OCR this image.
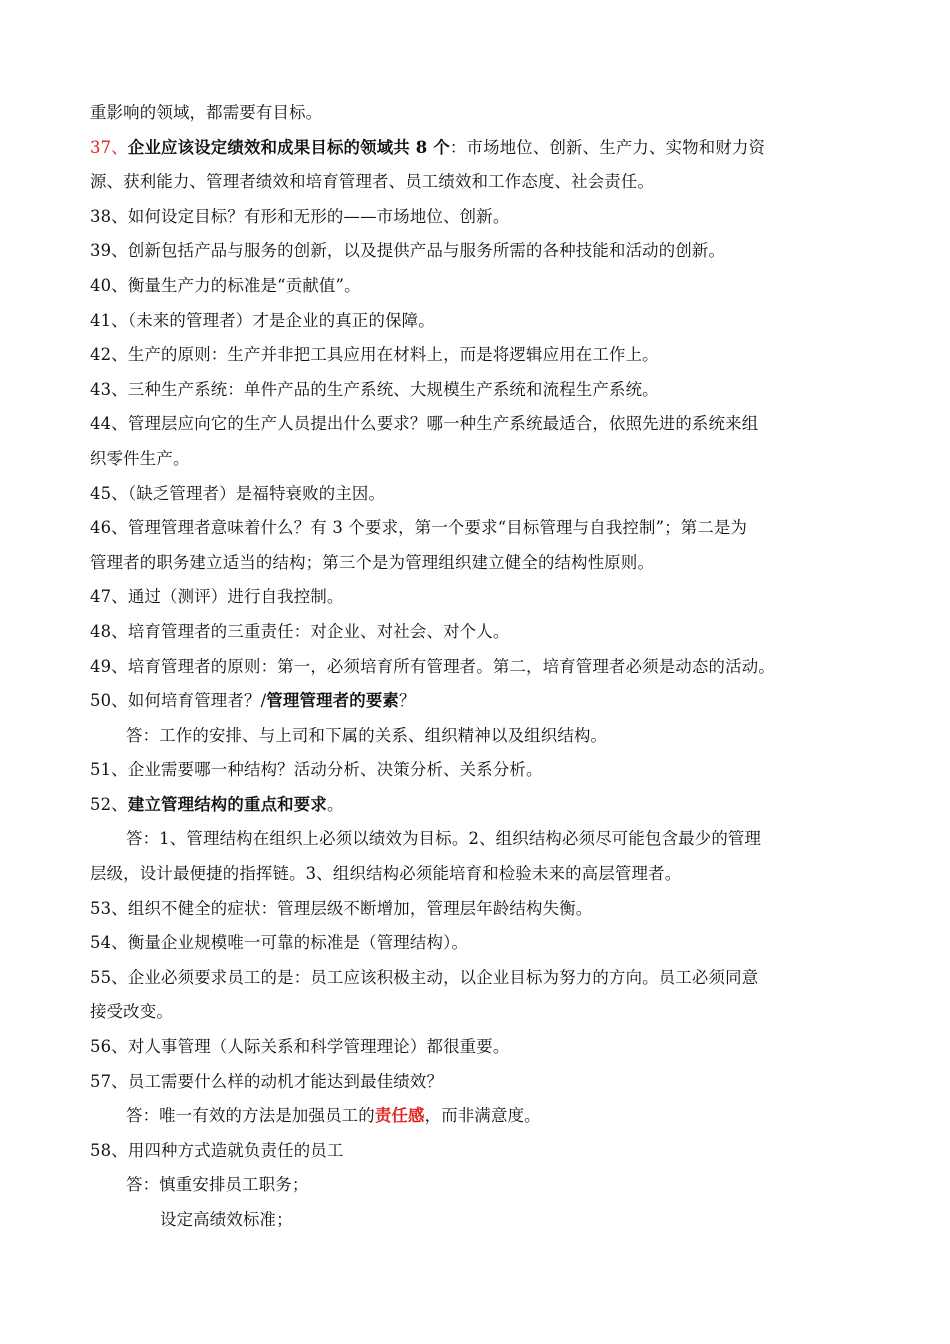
重影响的领域，都需要有目标。
37、企业应该设定绩效和成果目标的领域共 8 个：市场地位、创新、生产力、实物和财力资
源、获利能力、管理者绩效和培育管理者、员工绩效和工作态度、社会责任。
38、如何设定目标？有形和无形的——市场地位、创新。
39、创新包括产品与服务的创新，以及提供产品与服务所需的各种技能和活动的创新。
40、衡量生产力的标准是“贡献值”。
41、（未来的管理者）才是企业的真正的保障。
42、生产的原则：生产并非把工具应用在材料上，而是将逻辑应用在工作上。
43、三种生产系统：单件产品的生产系统、大规模生产系统和流程生产系统。
44、管理层应向它的生产人员提出什么要求？哪一种生产系统最适合，依照先进的系统来组
织零件生产。
45、（缺乏管理者）是福特衰败的主因。
46、管理管理者意味着什么？有 3 个要求，第一个要求“目标管理与自我控制”；第二是为
管理者的职务建立适当的结构；第三个是为管理组织建立健全的结构性原则。
47、通过（测评）进行自我控制。
48、培育管理者的三重责任：对企业、对社会、对个人。
49、培育管理者的原则：第一，必须培育所有管理者。第二，培育管理者必须是动态的活动。
50、如何培育管理者？/管理管理者的要素？
答：工作的安排、与上司和下属的关系、组织精神以及组织结构。
51、企业需要哪一种结构？活动分析、决策分析、关系分析。
52、建立管理结构的重点和要求。
答：1、管理结构在组织上必须以绩效为目标。2、组织结构必须尽可能包含最少的管理
层级，设计最便捷的指挥链。3、组织结构必须能培育和检验未来的高层管理者。
53、组织不健全的症状：管理层级不断增加，管理层年龄结构失衡。
54、衡量企业规模唯一可靠的标准是（管理结构）。
55、企业必须要求员工的是：员工应该积极主动，以企业目标为努力的方向。员工必须同意
接受改变。
56、对人事管理（人际关系和科学管理理论）都很重要。
57、员工需要什么样的动机才能达到最佳绩效？
答：唯一有效的方法是加强员工的责任感，而非满意度。
58、用四种方式造就负责任的员工
答：慎重安排员工职务；
设定高绩效标准；
